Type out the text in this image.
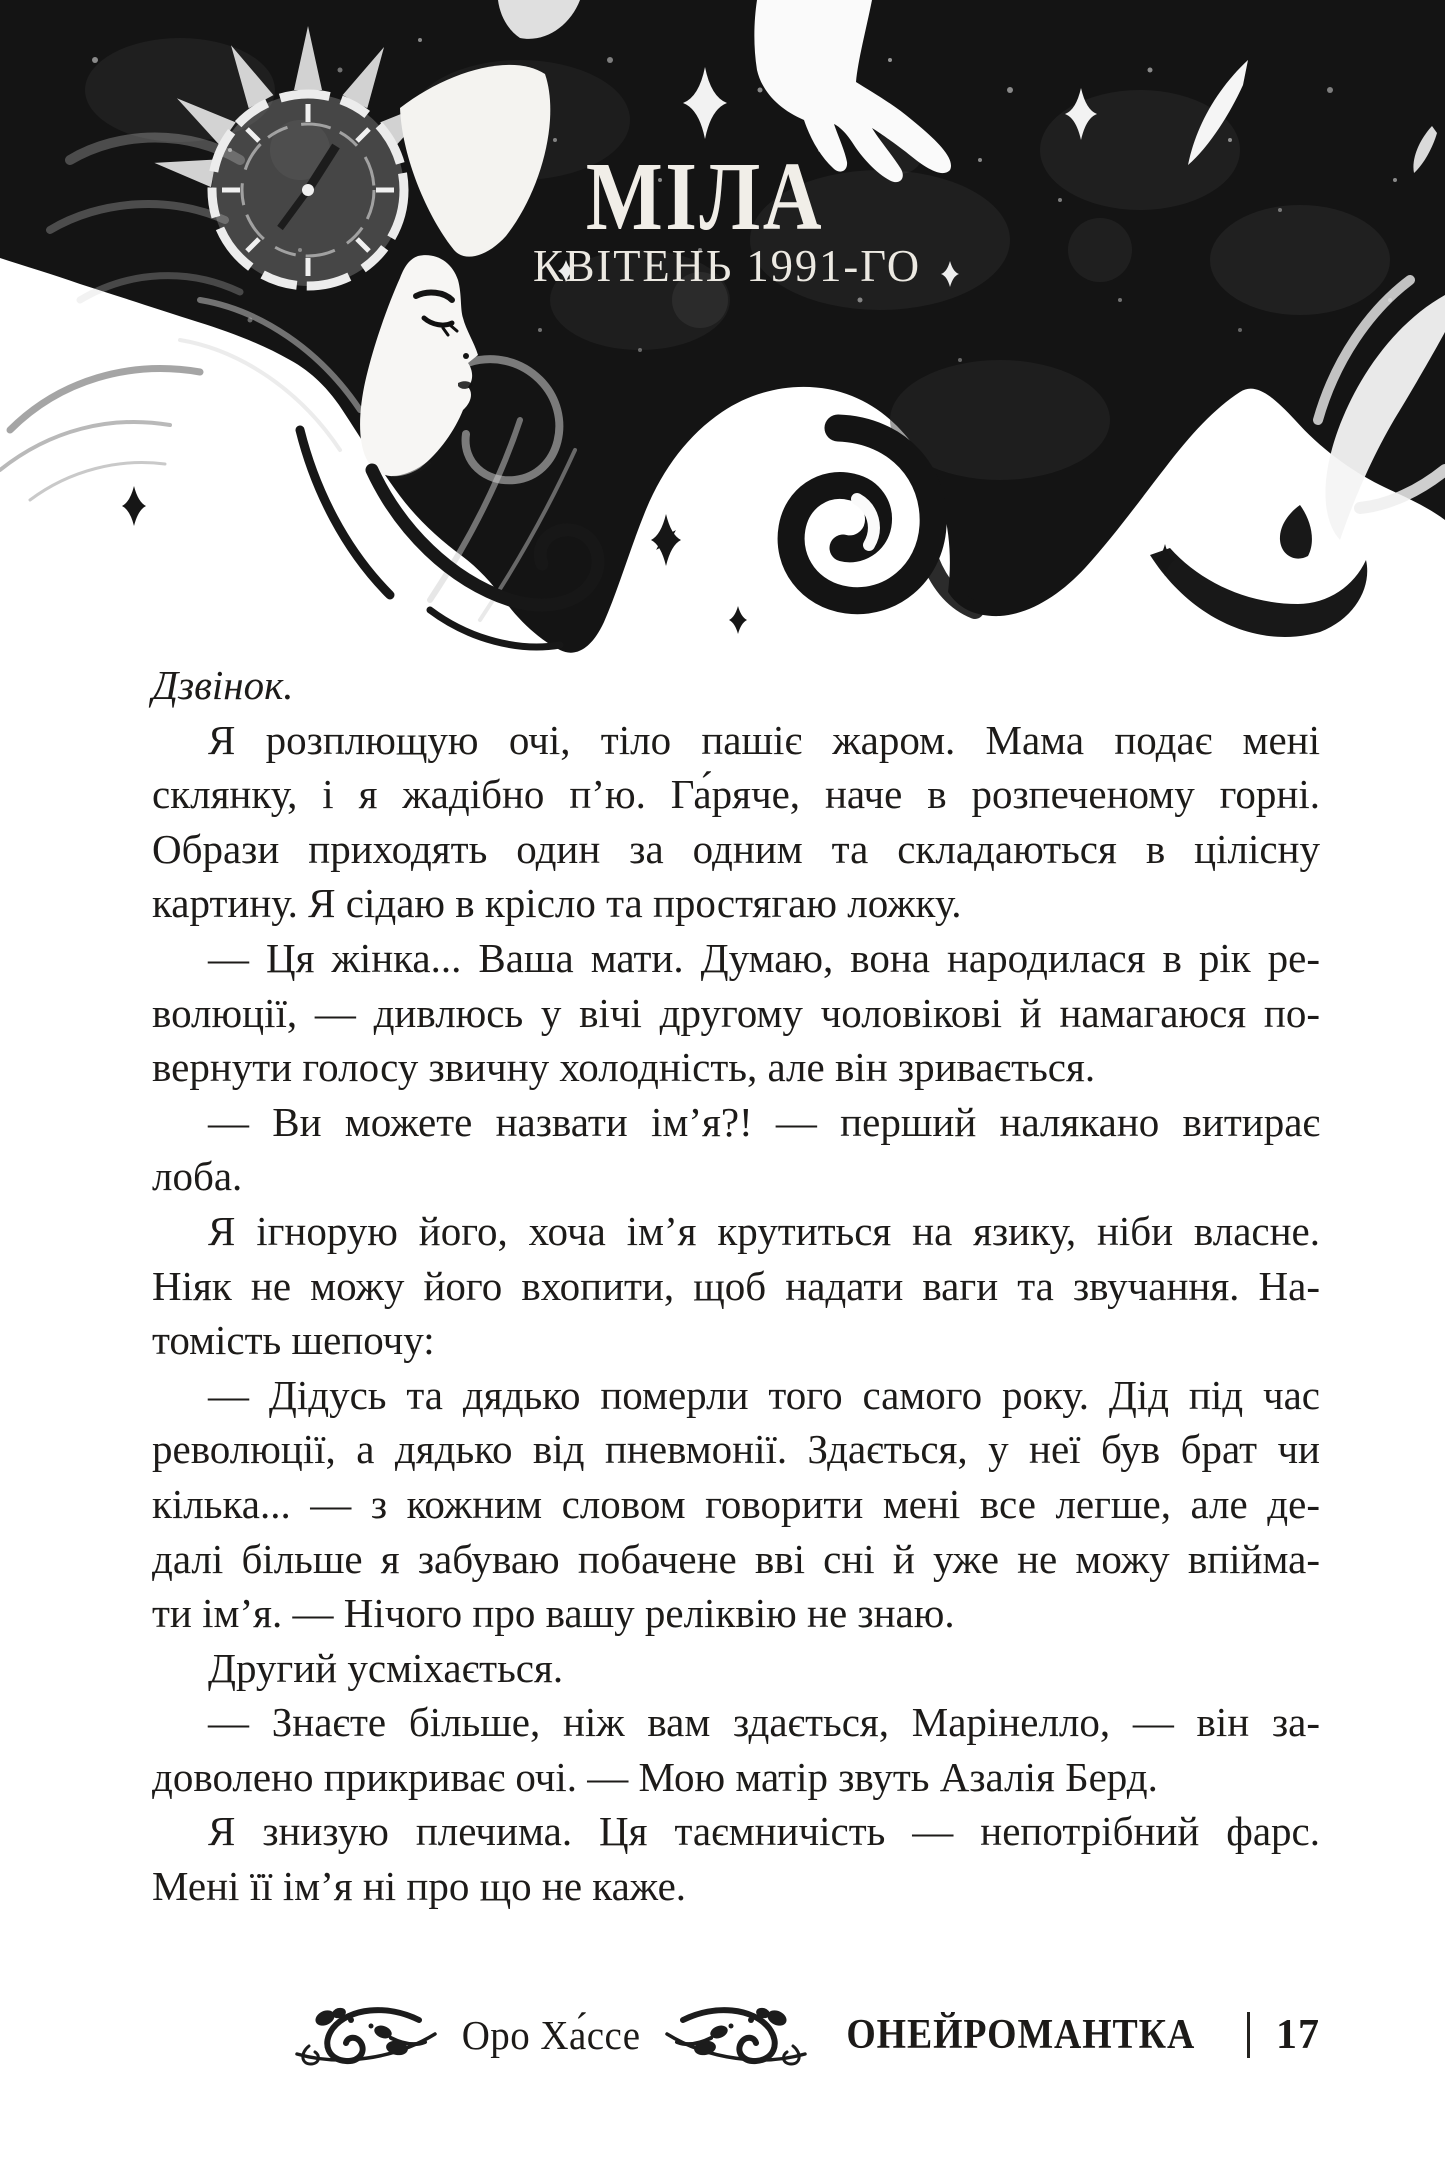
МІЛА
КВІТЕНЬ 1991-ГО
Дзвінок.
Я розплющую очі, тіло пашіє жаром. Мама подає мені
склянку, і я жадібно п’ю. Га́ряче, наче в розпеченому горні.
Образи приходять один за одним та складаються в цілісну
картину. Я сідаю в крісло та простягаю ложку.
— Ця жінка... Ваша мати. Думаю, вона народилася в рік ре-
волюції, — дивлюсь у вічі другому чоловікові й намагаюся по-
вернути голосу звичну холодність, але він зривається.
— Ви можете назвати ім’я?! — перший налякано витирає
лоба.
Я ігнорую його, хоча ім’я крутиться на язику, ніби власне.
Ніяк не можу його вхопити, щоб надати ваги та звучання. На-
томість шепочу:
— Дідусь та дядько померли того самого року. Дід під час
революції, а дядько від пневмонії. Здається, у неї був брат чи
кілька... — з кожним словом говорити мені все легше, але де-
далі більше я забуваю побачене вві сні й уже не можу впійма-
ти ім’я. — Нічого про вашу реліквію не знаю.
Другий усміхається.
— Знаєте більше, ніж вам здається, Марінелло, — він за-
доволено прикриває очі. — Мою матір звуть Азалія Берд.
Я знизую плечима. Ця таємничість — непотрібний фарс.
Мені її ім’я ні про що не каже.
Оро Ха́ссе	ОНЕЙРОМАНТКА 17
